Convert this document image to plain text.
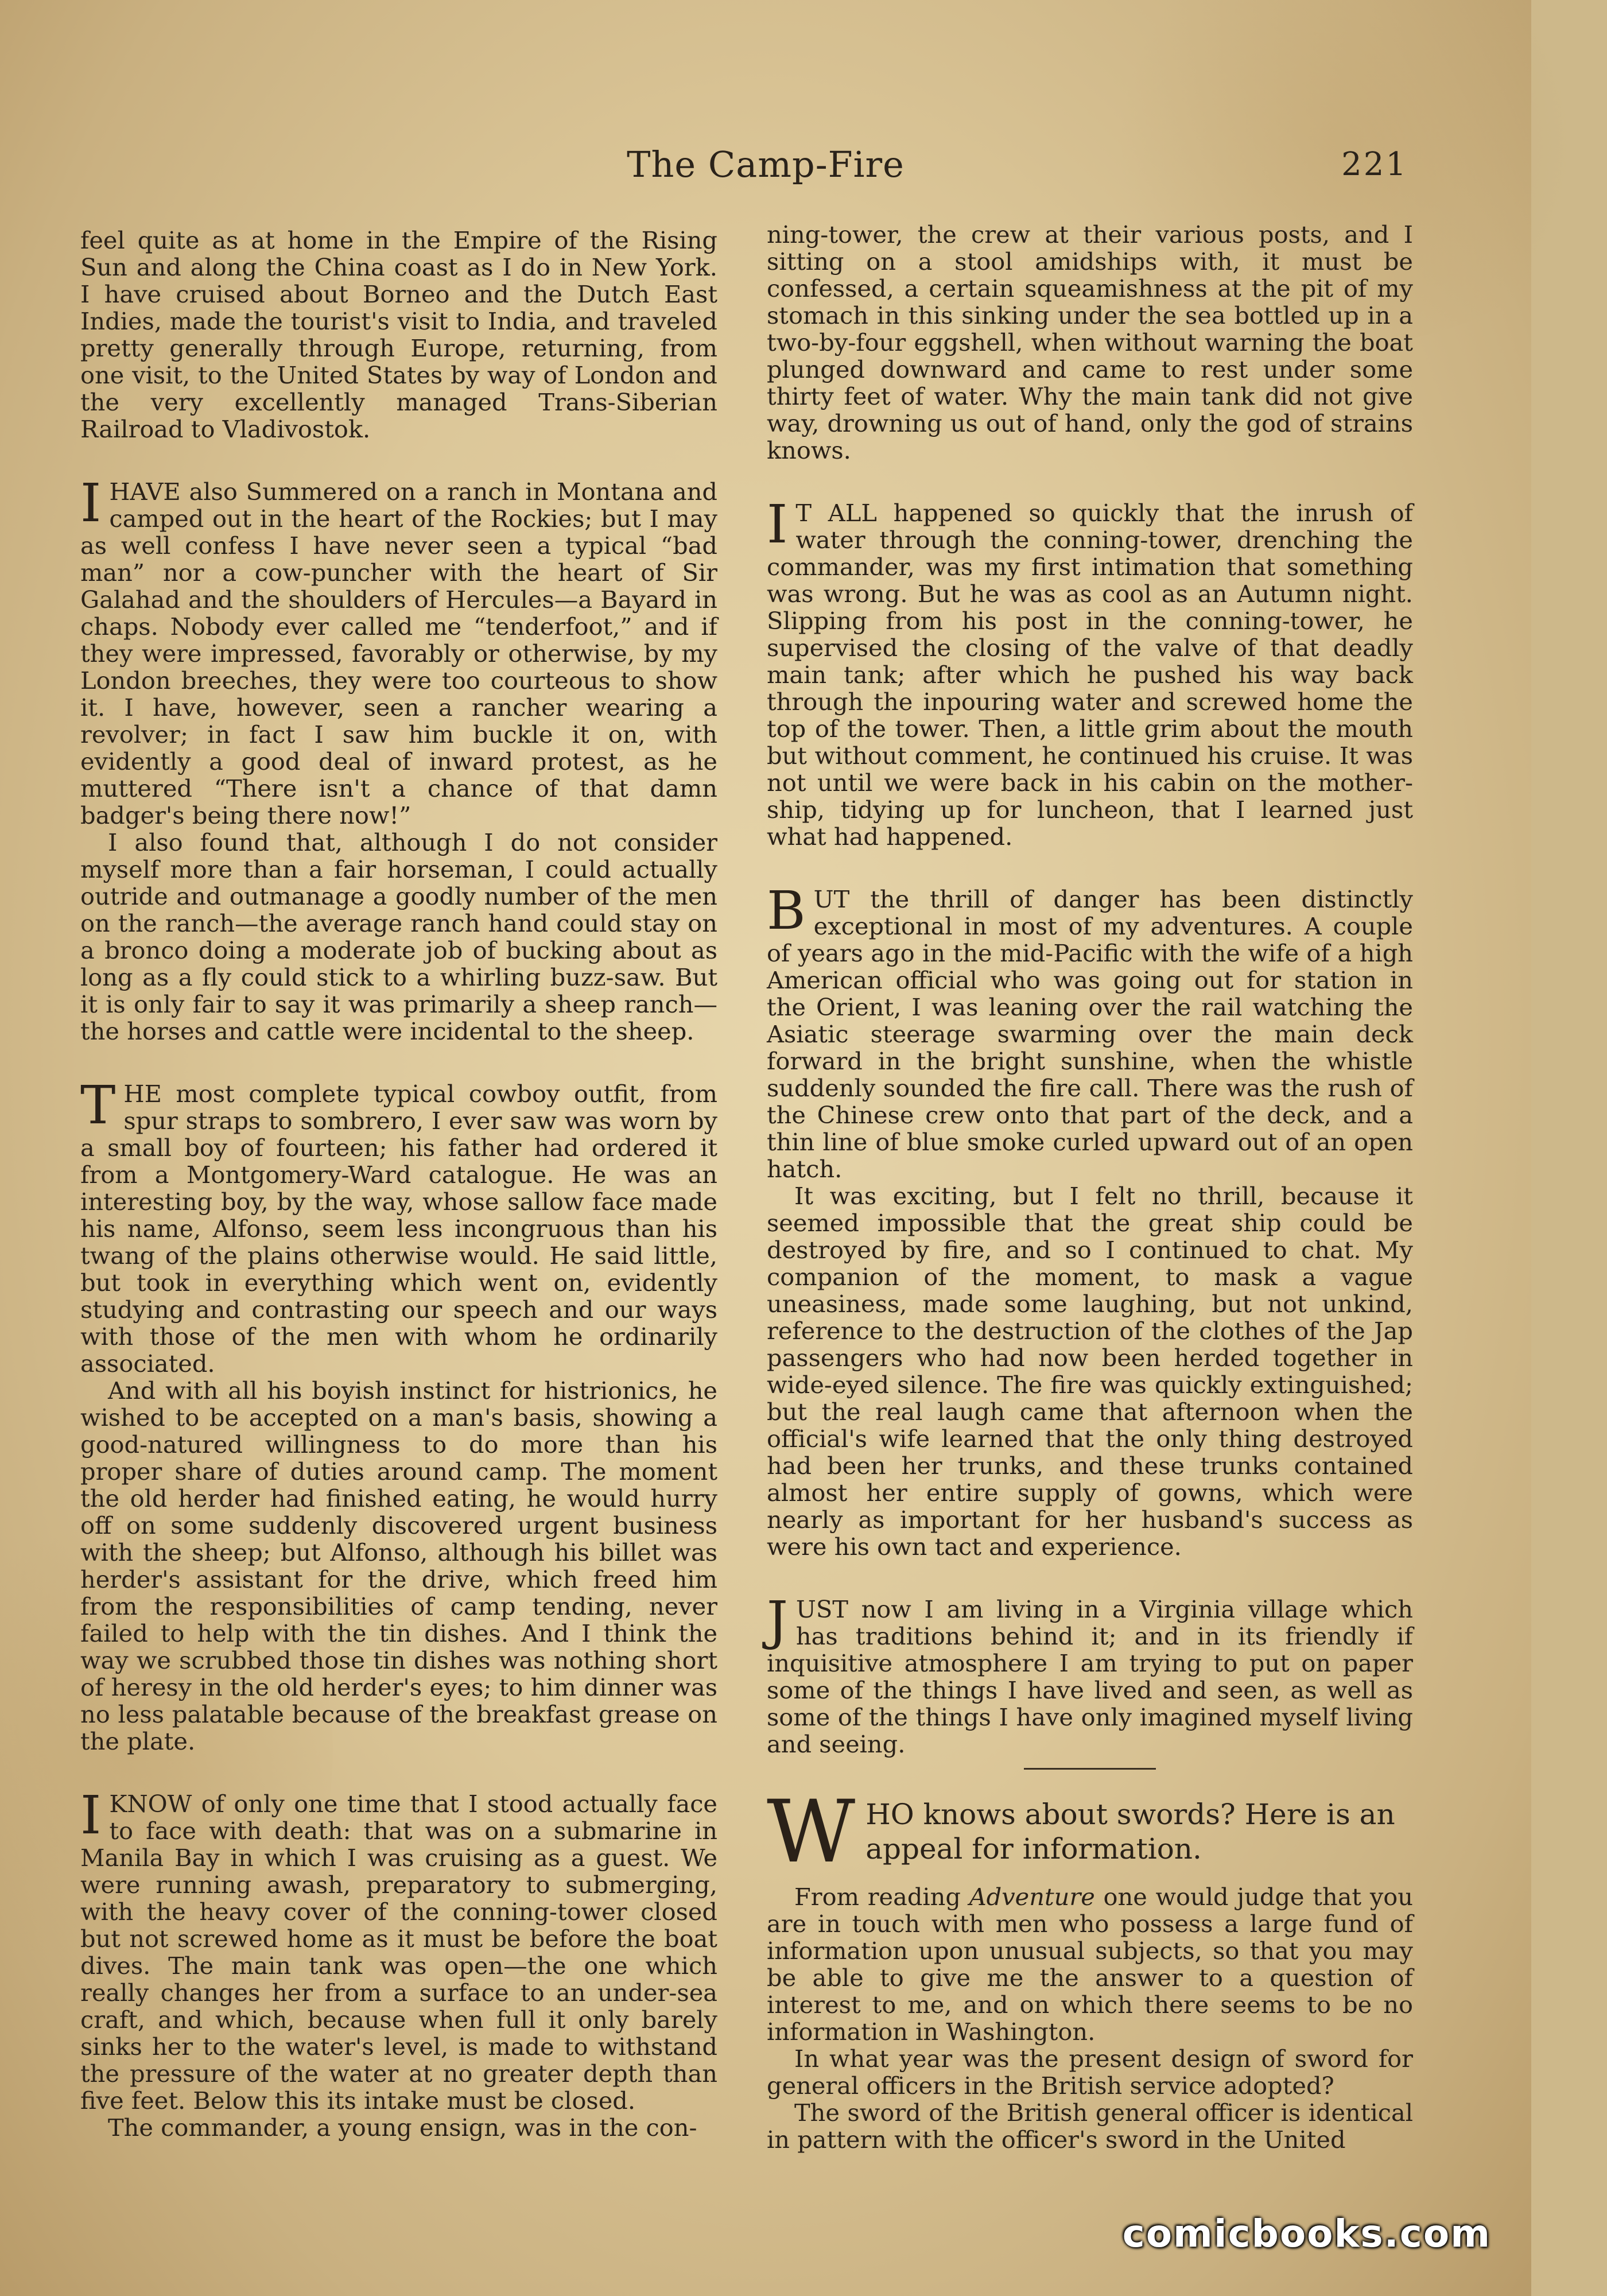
The Camp-Fire	221

feel quite as at home in the Empire of the Rising Sun and along the China coast as I do in New York. I have cruised about Borneo and the Dutch East Indies, made the tourist's visit to India, and traveled pretty generally through Europe, returning, from one visit, to the United States by way of London and the very excellently managed Trans-Siberian Railroad to Vladivostok.

IHAVE also Summered on a ranch in Montana and camped out in the heart of the Rockies; but I may as well confess I have never seen a typical “bad man” nor a cow-puncher with the heart of Sir Galahad and the shoulders of Hercules—a Bayard in chaps. Nobody ever called me “tenderfoot,” and if they were impressed, favorably or otherwise, by my London breeches, they were too courteous to show it. I have, however, seen a rancher wearing a revolver; in fact I saw him buckle it on, with evidently a good deal of inward protest, as he muttered “There isn't a chance of that damn badger's being there now!”

I also found that, although I do not consider myself more than a fair horseman, I could actually outride and outmanage a goodly number of the men on the ranch—the average ranch hand could stay on a bronco doing a moderate job of bucking about as long as a fly could stick to a whirling buzz-saw. But it is only fair to say it was primarily a sheep ranch—the horses and cattle were incidental to the sheep.

THE most complete typical cowboy outfit, from spur straps to sombrero, I ever saw was worn by a small boy of fourteen; his father had ordered it from a Montgomery-Ward catalogue. He was an interesting boy, by the way, whose sallow face made his name, Alfonso, seem less incongruous than his twang of the plains otherwise would. He said little, but took in everything which went on, evidently studying and contrasting our speech and our ways with those of the men with whom he ordinarily associated.

And with all his boyish instinct for histrionics, he wished to be accepted on a man's basis, showing a good-natured willingness to do more than his proper share of duties around camp. The moment the old herder had finished eating, he would hurry off on some suddenly discovered urgent business with the sheep; but Alfonso, although his billet was herder's assistant for the drive, which freed him from the responsibilities of camp tending, never failed to help with the tin dishes. And I think the way we scrubbed those tin dishes was nothing short of heresy in the old herder's eyes; to him dinner was no less palatable because of the breakfast grease on the plate.

IKNOW of only one time that I stood actually face to face with death: that was on a submarine in Manila Bay in which I was cruising as a guest. We were running awash, preparatory to submerging, with the heavy cover of the conning-tower closed but not screwed home as it must be before the boat dives. The main tank was open—the one which really changes her from a surface to an under-sea craft, and which, because when full it only barely sinks her to the water's level, is made to withstand the pressure of the water at no greater depth than five feet. Below this its intake must be closed.

The commander, a young ensign, was in the con-

ning-tower, the crew at their various posts, and I sitting on a stool amidships with, it must be confessed, a certain squeamishness at the pit of my stomach in this sinking under the sea bottled up in a two-by-four eggshell, when without warning the boat plunged downward and came to rest under some thirty feet of water. Why the main tank did not give way, drowning us out of hand, only the god of strains knows.

I T ALL happened so quickly that the inrush of water through the conning-tower, drenching the commander, was my first intimation that something was wrong. But he was as cool as an Autumn night. Slipping from his post in the conning-tower, he supervised the closing of the valve of that deadly main tank; after which he pushed his way back through the inpouring water and screwed home the top of the tower. Then, a little grim about the mouth but without comment, he continued his cruise. It was not until we were back in his cabin on the mother-ship, tidying up for luncheon, that I learned just what had happened.

BUT the thrill of danger has been distinctly exceptional in most of my adventures. A couple of years ago in the mid-Pacific with the wife of a high American official who was going out for station in the Orient, I was leaning over the rail watching the Asiatic steerage swarming over the main deck forward in the bright sunshine, when the whistle suddenly sounded the fire call. There was the rush of the Chinese crew onto that part of the deck, and a thin line of blue smoke curled upward out of an open hatch.

It was exciting, but I felt no thrill, because it seemed impossible that the great ship could be destroyed by fire, and so I continued to chat. My companion of the moment, to mask a vague uneasiness, made some laughing, but not unkind, reference to the destruction of the clothes of the Jap passengers who had now been herded together in wide-eyed silence. The fire was quickly extinguished; but the real laugh came that afternoon when the official's wife learned that the only thing destroyed had been her trunks, and these trunks contained almost her entire supply of gowns, which were nearly as important for her husband's success as were his own tact and experience.

JUST now I am living in a Virginia village which has traditions behind it; and in its friendly if inquisitive atmosphere I am trying to put on paper some of the things I have lived and seen, as well as some of the things I have only imagined myself living and seeing.

W HO knows about swords? Here is an appeal for information.

From reading Adventure one would judge that you are in touch with men who possess a large fund of information upon unusual subjects, so that you may be able to give me the answer to a question of interest to me, and on which there seems to be no information in Washington.

In what year was the present design of sword for general officers in the British service adopted?

The sword of the British general officer is identical in pattern with the officer's sword in the United

comicbooks.com
